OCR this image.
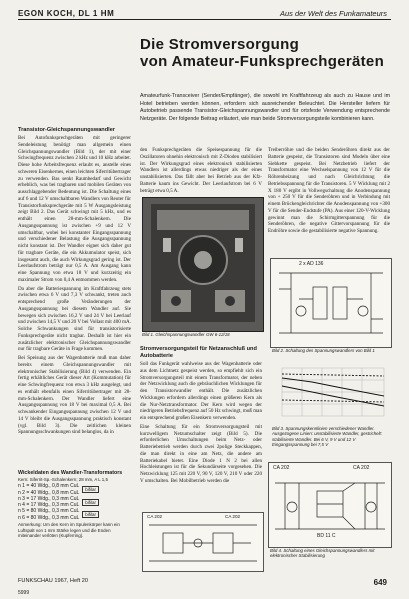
EGON KOCH, DL 1 HM	Aus der Welt des Funkamateurs
Die Stromversorgung
von Amateur-Funksprechgeräten
Amateurfunk-Transceiver (Sender/Empfänger), die sowohl im Kraftfahrzeug als auch zu Hause und im Hotel betrieben werden können, erfordern sich ausreichender Beleuchtet. Die Hersteller liefern für Autobetrieb passende Transistor-Gleichspannungswandler und für ortsfeste Verwendung entsprechende Netzgeräte. Der folgende Beitrag erläutert, wie man beide Stromversorgungsteile kombinieren kann.
Transistor-Gleichspannungswandler

Bei Autofunksprechgeräten mit geringerer Sendeleistung benötigt man allgemein einen Gleichspannungswandler (Bild 1), der mit einer Schwingfrequenz zwischen 2 kHz und 10 kHz arbeitet. Diese hohe Arbeitsfrequenz erlaubt es, anstelle eines schweren Eisenkernes, einen leichten Siferritübertrager zu verwenden. Bas senkt Raumbedarf und Gewicht erheblich, was bei tragbaren und mobilen Geräten von ausschlaggebender Bedeutung ist. Die Schaltung eines auf 6 und 12 V umschaltbaren Wandlers von Reuter für Transistorfunksprechgeräte mit 5 W Ausgangsleistung zeigt Bild 2. Das Gerät schwingt mit 5 kHz, und es enthält einen 28-mm-Schalenkern. Die Ausgangsspannung ist zwischen +9 und 12 V umschaltbar, wobei bei konstanter Eingangsspannung und verschiedener Belastung die Ausgangsspannung nicht konstant ist. Der Wandler eignet sich daher gut für tragbare Geräte, die ein Akkumulator speist, sich insgesamt auch, die auch Wirkungsgrad gering ist. Der Leerlaufstrom beträgt nur 0,5 A. Am Ausgang kann eine Spannung von etwa 18 V und kurzzeitig ein maximaler Strom von 0,4 A entnommen werden.

Da aber die Batteriespannung im Kraftfahrzeug stets zwischen etwa 6 V und 7,3 V schwankt, treten auch entsprechend große Veränderungen der Ausgangsspannung bei diesem Wandler auf. Sie bewegen sich zwischen 16,2 V und 24 V bei Leerlauf und zwischen 14,5 V und 20 V bei Vollast mit 400 mA. Solche Schwankungen sind für transistorisierte Funksprechgeräte nicht tragbar. Deshalb ist hier ein zusätzlicher elektronischer Gleichspannungswandler nur für tragbare Geräte in Frage kommen.

Bei Speisung aus der Wagenbatterie muß man daher bereits einem Gleichspannungswandler mit elektronischer Stabilisierung (Bild 4) verwenden. Ein fertig erhältliches Gerät dieser Art (Kommutation) für eine Schwingfrequenz von etwa 3 kHz ausgelegt, und es enthält ebenfalls einen Siferritübertrager mit 28-mm-Schalenkern. Der Wandler liefert eine Ausgangsspannung von 18 V bei maximal 0,5 A. Bei schwankender Eingangsspannung zwischen 12 V und 14 V bleibt die Ausgangsspannung praktisch konstant (vgl. Bild 3). Die zeitlichen kleinen Spannungsschwankungen sind belanglos, da in

Wickeldaten des Wandler-Transformators
Kern: Siferrit-Sp.-Schalenkern; 28 mm, A L 1,5
n 1 = 40 Wdg., 0,8 mm CuL
n 2 = 40 Wdg., 0,8 mm CuL	bifilar
n 3 = 17 Wdg., 0,3 mm CuL
n 4 = 17 Wdg., 0,3 mm CuL	bifilar
n 5 = 80 Wdg., 0,3 mm CuL
n 6 = 80 Wdg., 0,3 mm CuL	bifilar
Anmerkung: Um den Kern im Spulenkörper kann ein Luftspalt von 1 mm Stärke legen und die Enden miteinander verlöten (Kupferring).

den Funksprechgeräten die Speisespannung für die Oszillatoren ohnehin elektronisch mit Z-Dioden stabilisiert ist. Der Wirkungsgrad eines elektronisch stabilisierten Wandlers ist allerdings etwas niedriger als der eines unstabilisierten. Das fällt aber bei Betrieb aus der Kfz-Batterie kaum ins Gewicht. Der Leerlaufstrom bei 6 V beträgt etwa 0,5 A.

Bild 1. Gleichspannungswandler GW 6-12/18
Stromversorgungsteil für Netzanschluß und Autobatterie

Soll das Funkgerät wahlweise aus der Wagenbatterie oder aus dem Lichtnetz gespeist werden, so empfiehlt sich ein Stromversorgungsteil mit einem Transformator, der neben der Netzwicklung auch die gebräuchlichen Wicklungen für den Transistorwandler enthält. Die zusätzlichen Wicklungen erfordern allerdings einen größeren Kern als die Nur-Netztransformator. Der Kern wird wegen der niedrigeren Betriebsfrequenz auf 50 Hz schwingt, muß man ein entsprechend großen Eisenkern verwenden.

Eine Schaltung für ein Stromversorgungsteil mit kurzwelligem Netzumschalter zeigt (Bild 5). Die erforderlichen Umschaltungen beim Netz- oder Batteriebetrieb werden durch zwei 2polige Steckkappen, die man direkt in eine am Netz, die andere am Batteriekabel bietet. Eine Diode 1 N 2 bei allen Hochleistungen ist für die Sekundärseite vorgesehen. Die Netzwicklung 125 mit 220 V, 90 V, 120 V, 210 V oder 220 V umschalten. Bei Mobilbetrieb werden die

Treiberröhre und die beiden Senderöhren direkt aus der Batterie gespeist, die Transistoren sind Modeln über eine Siebkette gespeist. Bei Netzbetrieb liefert der Transformator eine Wechselspannung von 12 V für die Röhrenheizung und nach Gleichrichtung die Betriebsspannung für die Transistoren. 5 V Wicklung mit 2 X 180 V ergibt in Vollwegschaltung die Anodenspannung von + 250 V für die Senderöhren und in Verbindung mit einem Brückengleichrichter die Anodenspannung von +300 V für die Sender-Endstufe (PA). Aus einer 120-V-Wicklung gewinnt man die Schirmgitterspannung für die Senderöhren, die negative Gittervorspannung für die Endröhre sowie die gestabilisierte negative Spannung.

2 x AD 136
Bild 2. Schaltung des Spannungswandlers von Bild 1
Bild 3. Spannungskennlinien verschiedener Wandler. Ausgezogene Linien: unstabilisierte Wandler, gestrichelt: stabilisierte Wandler. Bei 6 V, 9 V und 12 V Eingangsspannung bei 7,5 V
CA 202	CA 202
BD 11 C
Bild 4. Schaltung eines Gleichspannungswandlers mit elektronischer Stabilisierung
CA 202	CA 202
FUNKSCHAU 1967, Heft 20
5999
649
